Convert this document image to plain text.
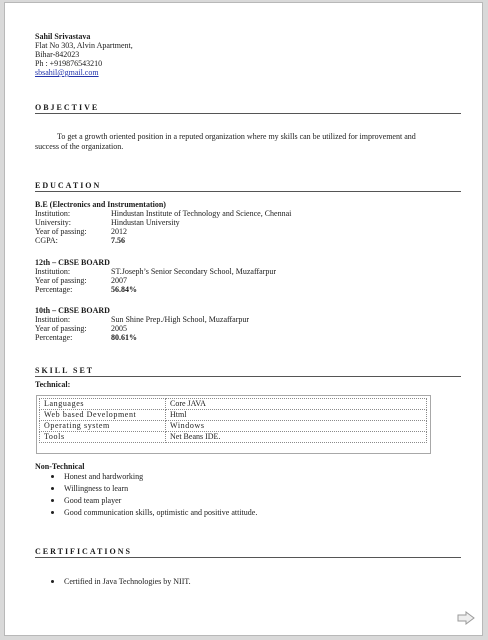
Sahil Srivastava
Flat No 303, Alvin Apartment,
Bihar-842023
Ph : +919876543210
sbsahil@gmail.com
OBJECTIVE
To get a growth oriented position in a reputed organization where my skills can be utilized for improvement and
success of the organization.
EDUCATION
B.E (Electronics and Instrumentation)
Institution:	Hindustan Institute of Technology and Science, Chennai
University:	Hindustan University
Year of passing:	2012
CGPA:	7.56
12th – CBSE BOARD
Institution:	ST.Joseph’s Senior Secondary School, Muzaffarpur
Year of passing:	2007
Percentage:	56.84%
10th – CBSE BOARD
Institution:	Sun Shine Prep./High School, Muzaffarpur
Year of passing:	2005
Percentage:	80.61%
SKILL SET
Technical:
Languages	Core JAVA
Web based Development	Html
Operating system	Windows
Tools	Net Beans IDE.
Non-Technical
Honest and hardworking
Willingness to learn
Good team player
Good communication skills, optimistic and positive attitude.
CERTIFICATIONS
Certified in Java Technologies by NIIT.
